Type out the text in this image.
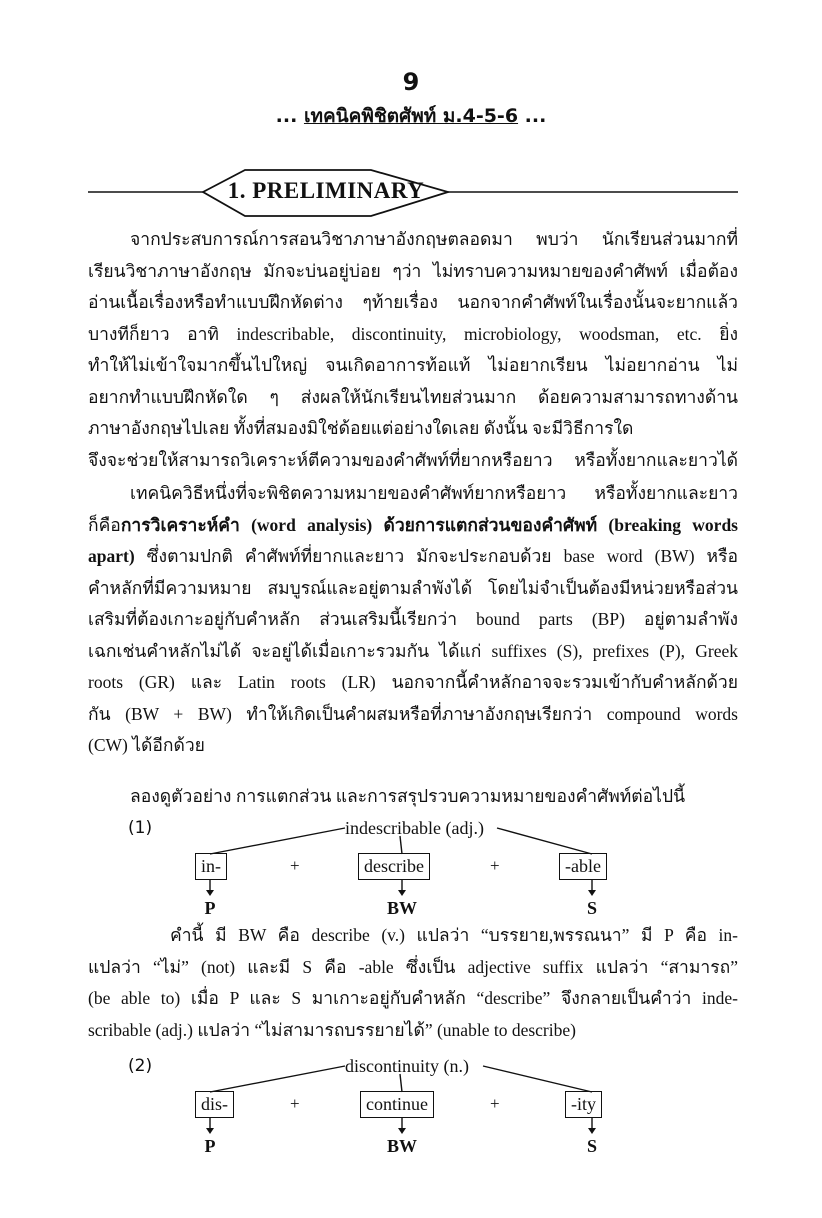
9
... เทคนิคพิชิตศัพท์ ม.4-5-6 ...
1. PRELIMINARY
จากประสบการณ์การสอนวิชาภาษาอังกฤษตลอดมา พบว่า นักเรียนส่วนมากที่
เรียนวิชาภาษาอังกฤษ มักจะบ่นอยู่บ่อย ๆว่า ไม่ทราบความหมายของคำศัพท์ เมื่อต้อง
อ่านเนื้อเรื่องหรือทำแบบฝึกหัดต่าง ๆท้ายเรื่อง นอกจากคำศัพท์ในเรื่องนั้นจะยากแล้ว
บางทีก็ยาว อาทิ indescribable, discontinuity, microbiology, woodsman, etc. ยิ่ง
ทำให้ไม่เข้าใจมากขึ้นไปใหญ่ จนเกิดอาการท้อแท้ ไม่อยากเรียน ไม่อยากอ่าน ไม่
อยากทำแบบฝึกหัดใด ๆ ส่งผลให้นักเรียนไทยส่วนมาก ด้อยความสามารถทางด้าน
ภาษาอังกฤษไปเลย ทั้งที่สมองมิใช่ด้อยแต่อย่างใดเลย ดังนั้น จะมีวิธีการใด
จึงจะช่วยให้สามารถวิเคราะห์ตีความของคำศัพท์ที่ยากหรือยาว หรือทั้งยากและยาวได้
เทคนิควิธีหนึ่งที่จะพิชิตความหมายของคำศัพท์ยากหรือยาว หรือทั้งยากและยาว
ก็คือการวิเคราะห์คำ (word analysis) ด้วยการแตกส่วนของคำศัพท์ (breaking words
apart) ซึ่งตามปกติ คำศัพท์ที่ยากและยาว มักจะประกอบด้วย base word (BW) หรือ
คำหลักที่มีความหมาย สมบูรณ์และอยู่ตามลำพังได้ โดยไม่จำเป็นต้องมีหน่วยหรือส่วน
เสริมที่ต้องเกาะอยู่กับคำหลัก ส่วนเสริมนี้เรียกว่า bound parts (BP) อยู่ตามลำพัง
เฉกเช่นคำหลักไม่ได้ จะอยู่ได้เมื่อเกาะรวมกัน ได้แก่ suffixes (S), prefixes (P), Greek
roots (GR) และ Latin roots (LR) นอกจากนี้คำหลักอาจจะรวมเข้ากับคำหลักด้วย
กัน (BW + BW) ทำให้เกิดเป็นคำผสมหรือที่ภาษาอังกฤษเรียกว่า compound words
(CW) ได้อีกด้วย
ลองดูตัวอย่าง การแตกส่วน และการสรุปรวบความหมายของคำศัพท์ต่อไปนี้
(1)	indescribable (adj.)
in-	+	describe	+	-able
P	BW	S
คำนี้ มี BW คือ describe (v.) แปลว่า “บรรยาย,พรรณนา” มี P คือ in-
แปลว่า “ไม่” (not) และมี S คือ -able ซึ่งเป็น adjective suffix แปลว่า “สามารถ”
(be able to) เมื่อ P และ S มาเกาะอยู่กับคำหลัก “describe” จึงกลายเป็นคำว่า inde-
scribable (adj.) แปลว่า “ไม่สามารถบรรยายได้” (unable to describe)
(2)	discontinuity (n.)
dis-	+	continue	+	-ity
P	BW	S
